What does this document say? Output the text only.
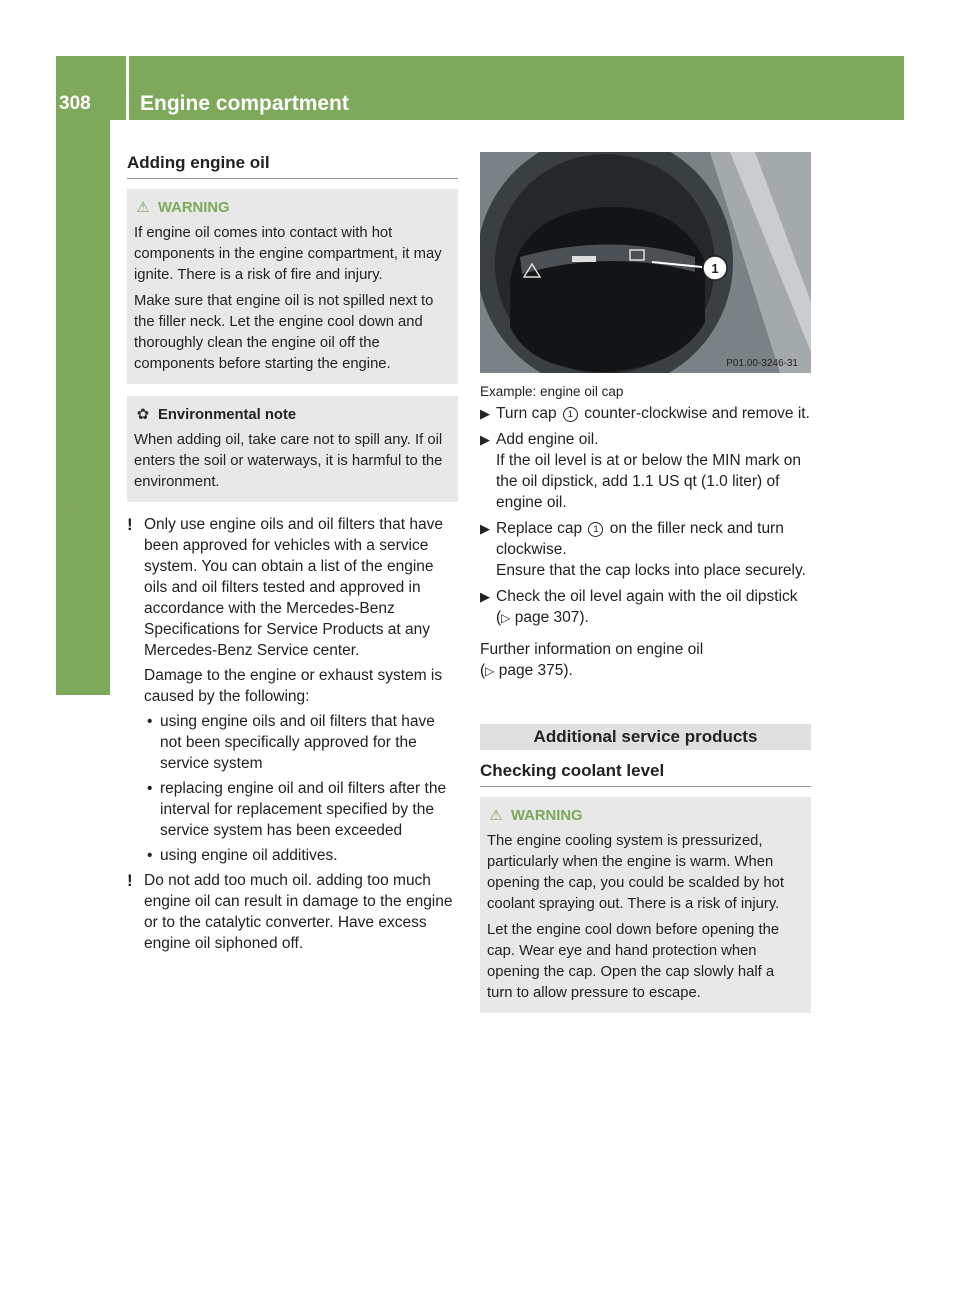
308	Engine compartment
Maintenance and care
Adding engine oil
⚠ WARNING

If engine oil comes into contact with hot components in the engine compartment, it may ignite. There is a risk of fire and injury.

Make sure that engine oil is not spilled next to the filler neck. Let the engine cool down and thoroughly clean the engine oil off the components before starting the engine.

✿ Environmental note

When adding oil, take care not to spill any. If oil enters the soil or waterways, it is harmful to the environment.

! Only use engine oils and oil filters that have been approved for vehicles with a service system. You can obtain a list of the engine oils and oil filters tested and approved in accordance with the Mercedes-Benz Specifications for Service Products at any Mercedes-Benz Service center.
Damage to the engine or exhaust system is caused by the following:
• using engine oils and oil filters that have not been specifically approved for the service system
• replacing engine oil and oil filters after the interval for replacement specified by the service system has been exceeded
• using engine oil additives.
! Do not add too much oil. adding too much engine oil can result in damage to the engine or to the catalytic converter. Have excess engine oil siphoned off.
1
P01.00-3246-31
Example: engine oil cap
▶ Turn cap 1 counter-clockwise and remove it.
▶ Add engine oil.
If the oil level is at or below the MIN mark on the oil dipstick, add 1.1 US qt (1.0 liter) of engine oil.
▶ Replace cap 1 on the filler neck and turn clockwise.
Ensure that the cap locks into place securely.
▶ Check the oil level again with the oil dipstick (▷ page 307).
Further information on engine oil
(▷ page 375).
Additional service products
Checking coolant level
⚠ WARNING

The engine cooling system is pressurized, particularly when the engine is warm. When opening the cap, you could be scalded by hot coolant spraying out. There is a risk of injury.

Let the engine cool down before opening the cap. Wear eye and hand protection when opening the cap. Open the cap slowly half a turn to allow pressure to escape.
